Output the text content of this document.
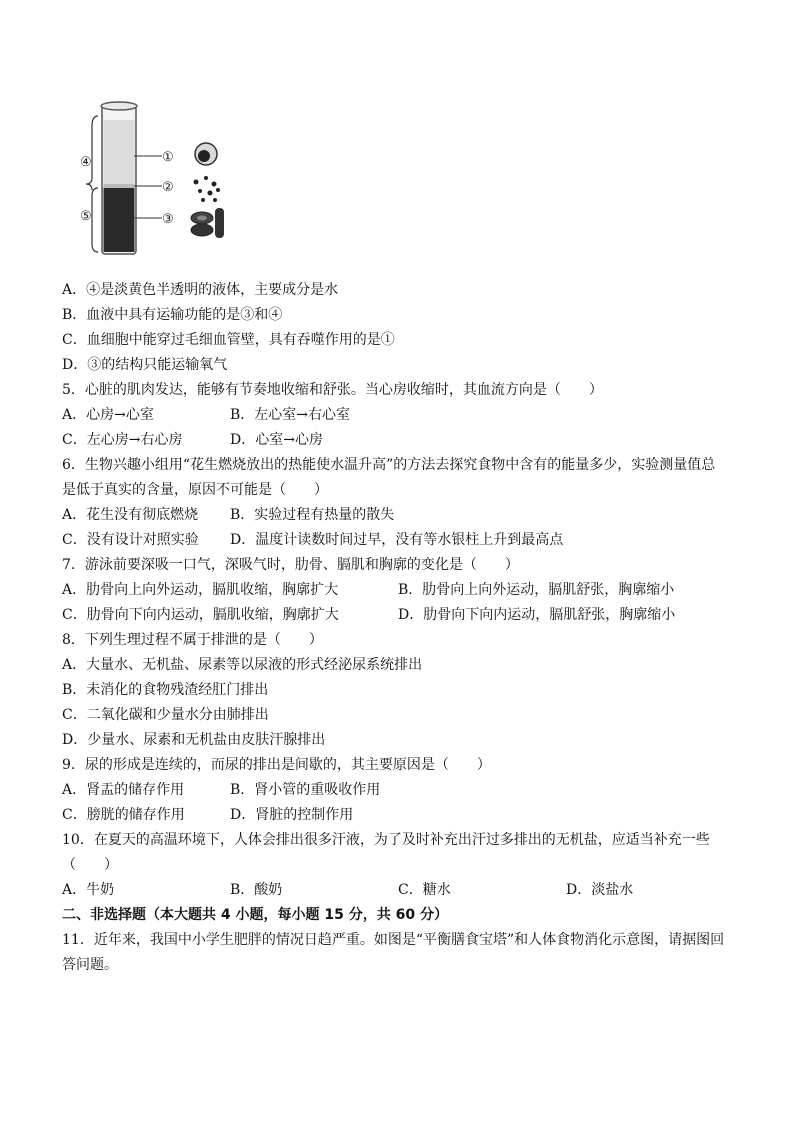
④
⑤
①
②
③
A．④是淡黄色半透明的液体，主要成分是水
B．血液中具有运输功能的是③和④
C．血细胞中能穿过毛细血管壁，具有吞噬作用的是①
D．③的结构只能运输氧气
5．心脏的肌肉发达，能够有节奏地收缩和舒张。当心房收缩时，其血流方向是（　　）
A．心房→心室	B．左心室→右心室
C．左心房→右心房	D．心室→心房
6．生物兴趣小组用“花生燃烧放出的热能使水温升高”的方法去探究食物中含有的能量多少，实验测量值总
是低于真实的含量，原因不可能是（　　）
A．花生没有彻底燃烧 B．实验过程有热量的散失
C．没有设计对照实验 D．温度计读数时间过早，没有等水银柱上升到最高点
7．游泳前要深吸一口气，深吸气时，肋骨、膈肌和胸廓的变化是（　　）
A．肋骨向上向外运动，膈肌收缩，胸廓扩大	B．肋骨向上向外运动，膈肌舒张，胸廓缩小
C．肋骨向下向内运动，膈肌收缩，胸廓扩大	D．肋骨向下向内运动，膈肌舒张，胸廓缩小
8．下列生理过程不属于排泄的是（　　）
A．大量水、无机盐、尿素等以尿液的形式经泌尿系统排出
B．未消化的食物残渣经肛门排出
C．二氧化碳和少量水分由肺排出
D．少量水、尿素和无机盐由皮肤汗腺排出
9．尿的形成是连续的，而尿的排出是间歇的，其主要原因是（　　）
A．肾盂的储存作用	B．肾小管的重吸收作用
C．膀胱的储存作用	D．肾脏的控制作用
10．在夏天的高温环境下，人体会排出很多汗液，为了及时补充出汗过多排出的无机盐，应适当补充一些
（　　）
A．牛奶	B．酸奶	C．糖水	D．淡盐水
二、非选择题（本大题共 4 小题，每小题 15 分，共 60 分）
11．近年来，我国中小学生肥胖的情况日趋严重。如图是“平衡膳食宝塔”和人体食物消化示意图，请据图回
答问题。
